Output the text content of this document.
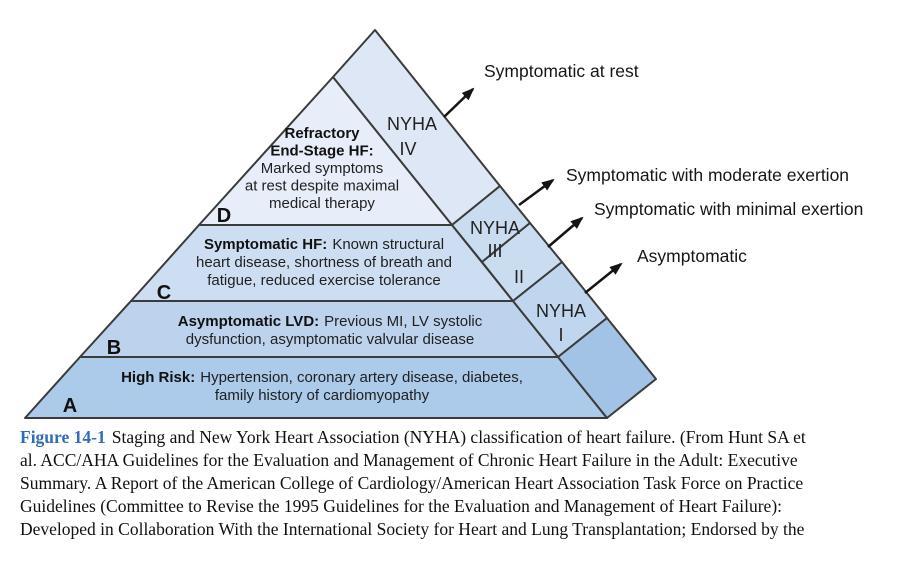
D
C
B
A
Refractory
End-Stage HF:
Marked symptoms
at rest despite maximal
medical therapy
Symptomatic HF: Known structural
heart disease, shortness of breath and
fatigue, reduced exercise tolerance
Asymptomatic LVD: Previous MI, LV systolic
dysfunction, asymptomatic valvular disease
High Risk: Hypertension, coronary artery disease, diabetes,
family history of cardiomyopathy
NYHA
IV
NYHA
III
II
NYHA
I
Symptomatic at rest
Symptomatic with moderate exertion
Symptomatic with minimal exertion
Asymptomatic
Figure 14-1 Staging and New York Heart Association (NYHA) classification of heart failure. (From Hunt SA et
al. ACC/AHA Guidelines for the Evaluation and Management of Chronic Heart Failure in the Adult: Executive
Summary. A Report of the American College of Cardiology/American Heart Association Task Force on Practice
Guidelines (Committee to Revise the 1995 Guidelines for the Evaluation and Management of Heart Failure):
Developed in Collaboration With the International Society for Heart and Lung Transplantation; Endorsed by the
